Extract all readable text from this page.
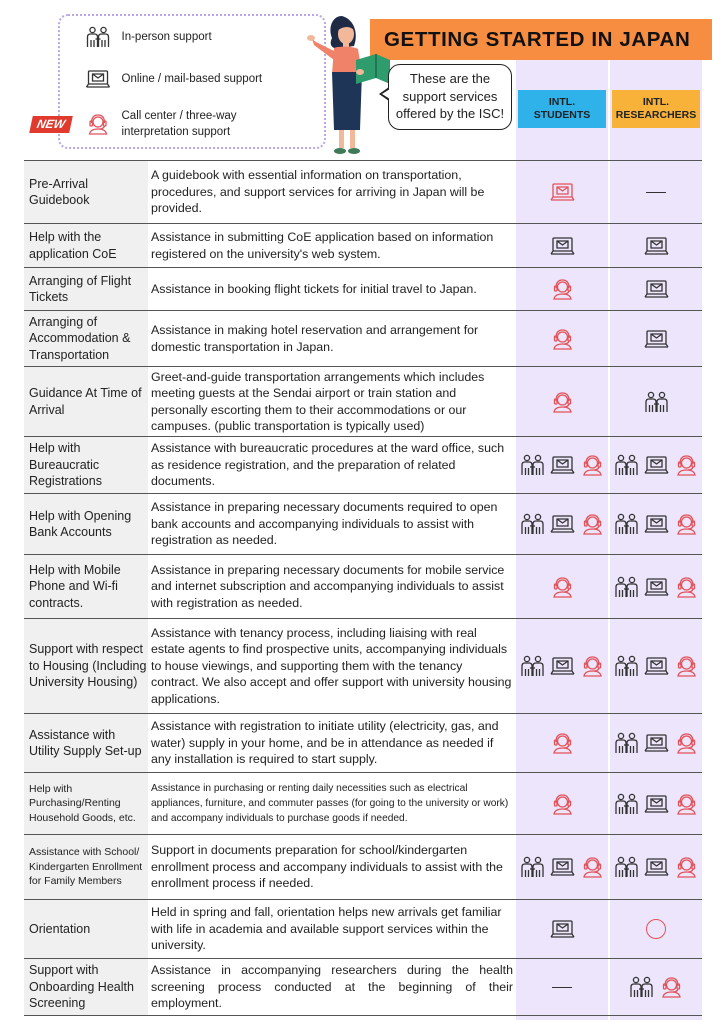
In-person support
Online / mail-based support
Call center / three-way
interpretation support
NEW
GETTING STARTED IN JAPAN
These are the
support services
offered by the ISC!
INTL.
STUDENTS
INTL.
RESEARCHERS
Pre-Arrival Guidebook
A guidebook with essential information on transportation, procedures, and support services for arriving in Japan will be provided.
Help with the application CoE
Assistance in submitting CoE application based on information registered on the university's web system.
Arranging of Flight Tickets
Assistance in booking flight tickets for initial travel to Japan.
Arranging of Accommodation & Transportation
Assistance in making hotel reservation and arrangement for domestic transportation in Japan.
Guidance At Time of Arrival
Greet-and-guide transportation arrangements which includes meeting guests at the Sendai airport or train station and personally escorting them to their accommodations or our campuses. (public transportation is typically used)
Help with Bureaucratic Registrations
Assistance with bureaucratic procedures at the ward office, such as residence registration, and the preparation of related documents.
Help with Opening Bank Accounts
Assistance in preparing necessary documents required to open bank accounts and accompanying individuals to assist with registration as needed.
Help with Mobile Phone and Wi-fi contracts.
Assistance in preparing necessary documents for mobile service and internet subscription and accompanying individuals to assist with registration as needed.
Support with respect to Housing (Including University Housing)
Assistance with tenancy process, including liaising with real estate agents to find prospective units, accompanying individuals to house viewings, and supporting them with the tenancy contract. We also accept and offer support with university housing applications.
Assistance with Utility Supply Set-up
Assistance with registration to initiate utility (electricity, gas, and water) supply in your home, and be in attendance as needed if any installation is required to start supply.
Help with Purchasing/Renting Household Goods, etc.
Assistance in purchasing or renting daily necessities such as electrical appliances, furniture, and commuter passes (for going to the university or work) and accompany individuals to purchase goods if needed.
Assistance with School/ Kindergarten Enrollment for Family Members
Support in documents preparation for school/kindergarten enrollment process and accompany individuals to assist with the enrollment process if needed.
Orientation
Held in spring and fall, orientation helps new arrivals get familiar with life in academia and available support services within the university.
Support with Onboarding Health Screening
Assistance in accompanying researchers during the health screening process conducted at the beginning of their employment.
